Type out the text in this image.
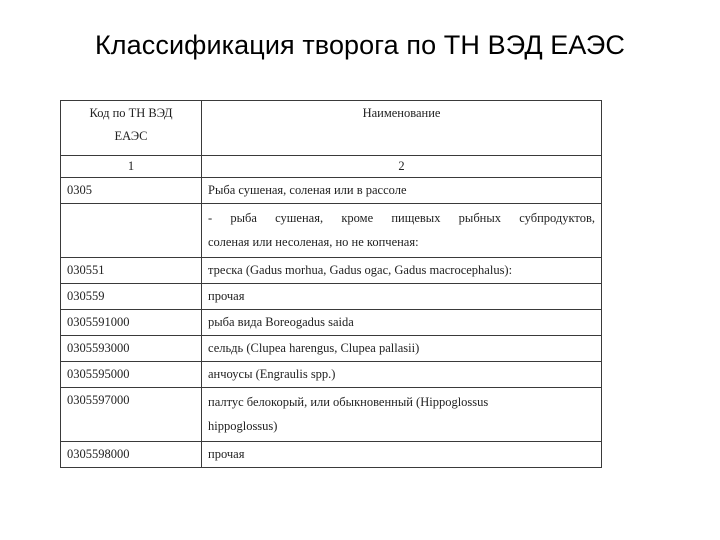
Классификация творога по ТН ВЭД ЕАЭС
Код по ТН ВЭД
ЕАЭС	Наименование
1	2
0305	Рыба сушеная, соленая или в рассоле

	- рыба сушеная, кроме пищевых рыбных субпродуктов,
соленая или несоленая, но не копченая:

030551	треска (Gadus morhua, Gadus ogac, Gadus macrocephalus):
030559	прочая
0305591000	рыба вида Boreogadus saida
0305593000	сельдь (Clupea harengus, Clupea pallasii)
0305595000	анчоусы (Engraulis spp.)
0305597000	палтус белокорый, или обыкновенный (Hippoglossus
hippoglossus)

0305598000	прочая
